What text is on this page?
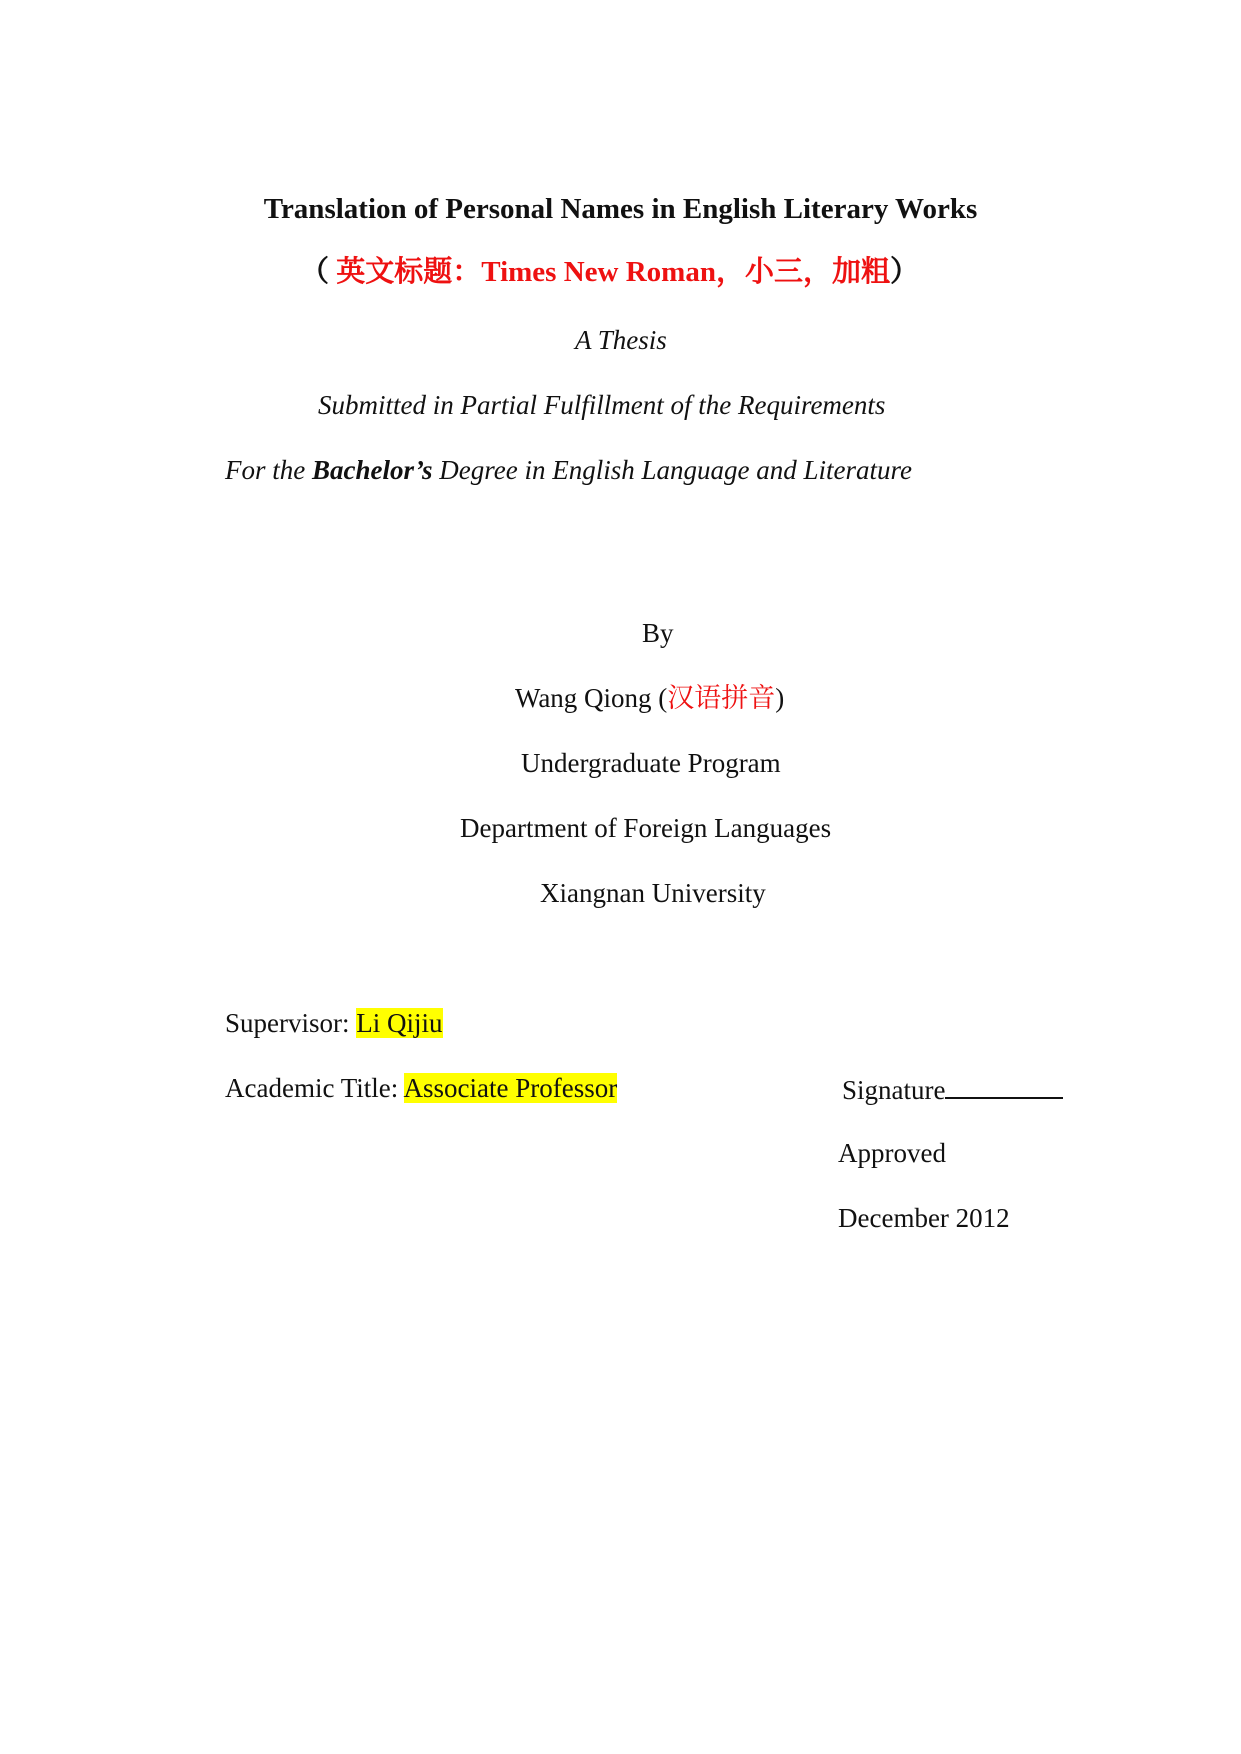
Translation of Personal Names in English Literary Works
（ 英文标题：Times New Roman，小三，加粗）
A Thesis
Submitted in Partial Fulfillment of the Requirements
For the Bachelor’s Degree in English Language and Literature
By
Wang Qiong (汉语拼音)
Undergraduate Program
Department of Foreign Languages
Xiangnan University
Supervisor: Li Qijiu
Academic Title: Associate Professor	Signature
Approved
December 2012
